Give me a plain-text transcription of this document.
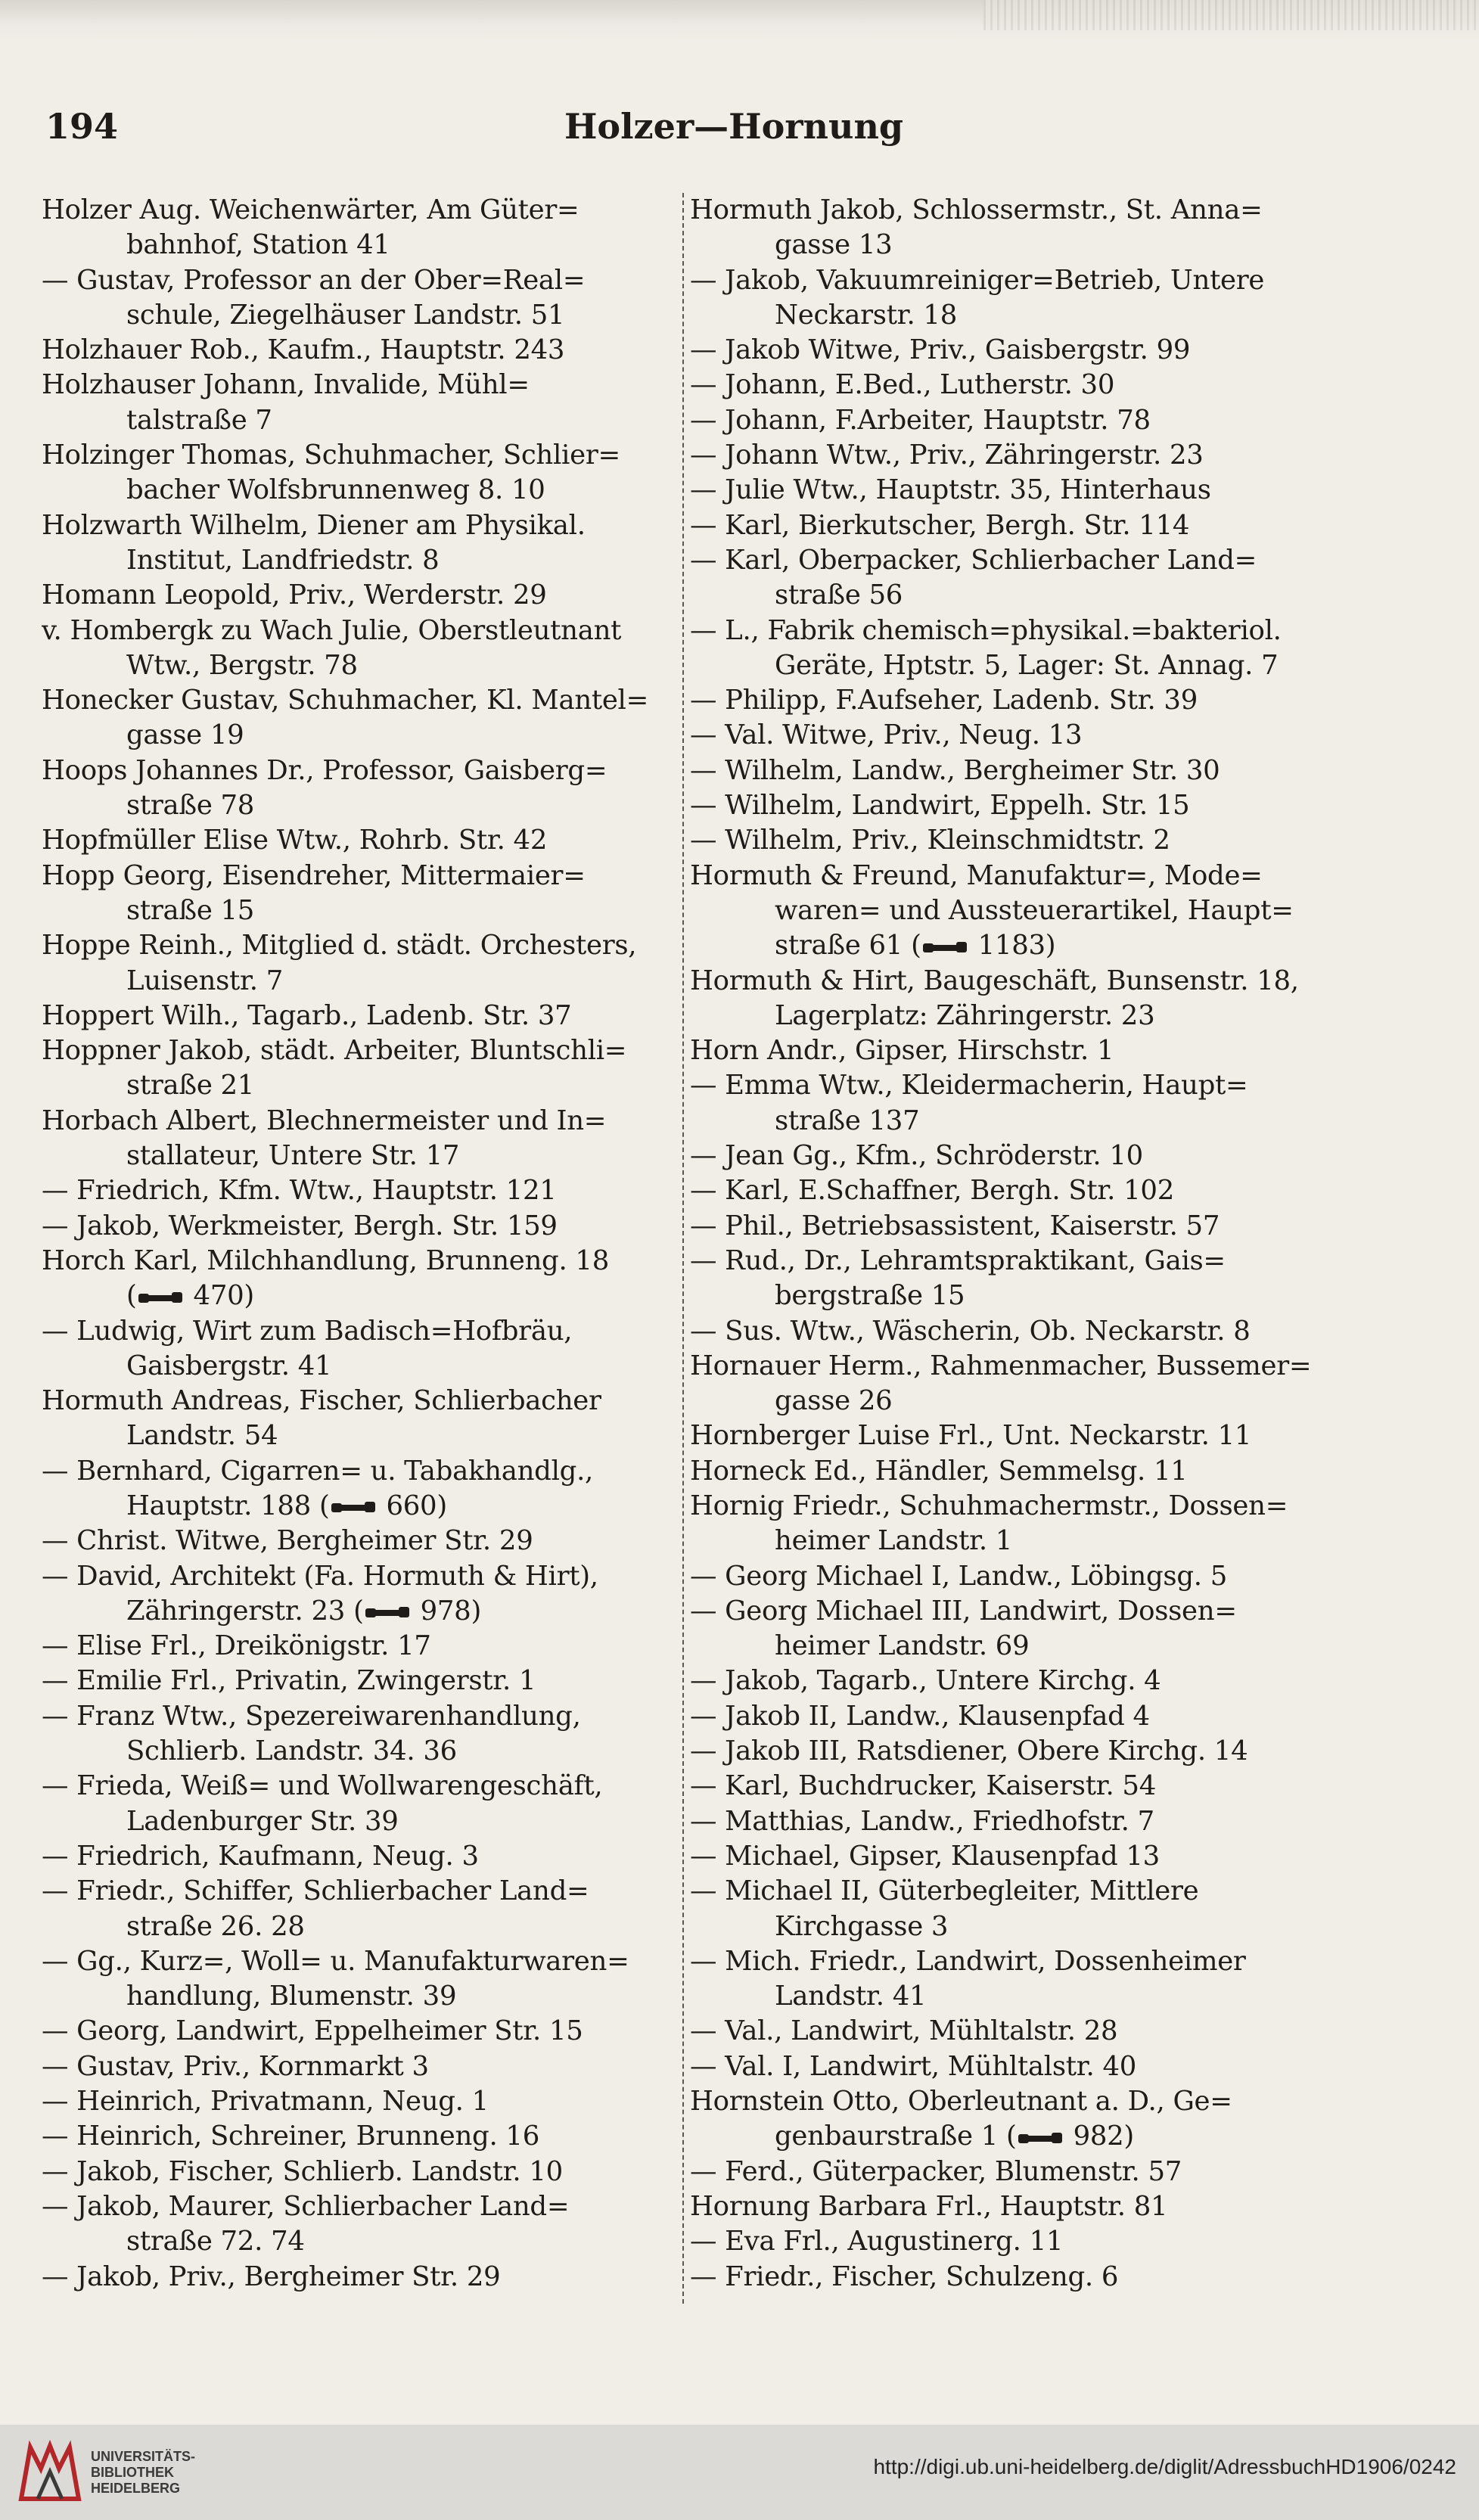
194	Holzer—Hornung
Holzer Aug. Weichenwärter, Am Güter=
bahnhof, Station 41
— Gustav, Professor an der Ober=Real=
schule, Ziegelhäuser Landstr. 51
Holzhauer Rob., Kaufm., Hauptstr. 243
Holzhauser Johann, Invalide, Mühl=
talstraße 7
Holzinger Thomas, Schuhmacher, Schlier=
bacher Wolfsbrunnenweg 8. 10
Holzwarth Wilhelm, Diener am Physikal.
Institut, Landfriedstr. 8
Homann Leopold, Priv., Werderstr. 29
v. Hombergk zu Wach Julie, Oberstleutnant
Wtw., Bergstr. 78
Honecker Gustav, Schuhmacher, Kl. Mantel=
gasse 19
Hoops Johannes Dr., Professor, Gaisberg=
straße 78
Hopfmüller Elise Wtw., Rohrb. Str. 42
Hopp Georg, Eisendreher, Mittermaier=
straße 15
Hoppe Reinh., Mitglied d. städt. Orchesters,
Luisenstr. 7
Hoppert Wilh., Tagarb., Ladenb. Str. 37
Hoppner Jakob, städt. Arbeiter, Bluntschli=
straße 21
Horbach Albert, Blechnermeister und In=
stallateur, Untere Str. 17
— Friedrich, Kfm. Wtw., Hauptstr. 121
— Jakob, Werkmeister, Bergh. Str. 159
Horch Karl, Milchhandlung, Brunneng. 18
( 470)
— Ludwig, Wirt zum Badisch=Hofbräu,
Gaisbergstr. 41
Hormuth Andreas, Fischer, Schlierbacher
Landstr. 54
— Bernhard, Cigarren= u. Tabakhandlg.,
Hauptstr. 188 ( 660)
— Christ. Witwe, Bergheimer Str. 29
— David, Architekt (Fa. Hormuth & Hirt),
Zähringerstr. 23 ( 978)
— Elise Frl., Dreikönigstr. 17
— Emilie Frl., Privatin, Zwingerstr. 1
— Franz Wtw., Spezereiwarenhandlung,
Schlierb. Landstr. 34. 36
— Frieda, Weiß= und Wollwarengeschäft,
Ladenburger Str. 39
— Friedrich, Kaufmann, Neug. 3
— Friedr., Schiffer, Schlierbacher Land=
straße 26. 28
— Gg., Kurz=, Woll= u. Manufakturwaren=
handlung, Blumenstr. 39
— Georg, Landwirt, Eppelheimer Str. 15
— Gustav, Priv., Kornmarkt 3
— Heinrich, Privatmann, Neug. 1
— Heinrich, Schreiner, Brunneng. 16
— Jakob, Fischer, Schlierb. Landstr. 10
— Jakob, Maurer, Schlierbacher Land=
straße 72. 74
— Jakob, Priv., Bergheimer Str. 29
Hormuth Jakob, Schlossermstr., St. Anna=
gasse 13
— Jakob, Vakuumreiniger=Betrieb, Untere
Neckarstr. 18
— Jakob Witwe, Priv., Gaisbergstr. 99
— Johann, E.Bed., Lutherstr. 30
— Johann, F.Arbeiter, Hauptstr. 78
— Johann Wtw., Priv., Zähringerstr. 23
— Julie Wtw., Hauptstr. 35, Hinterhaus
— Karl, Bierkutscher, Bergh. Str. 114
— Karl, Oberpacker, Schlierbacher Land=
straße 56
— L., Fabrik chemisch=physikal.=bakteriol.
Geräte, Hptstr. 5, Lager: St. Annag. 7
— Philipp, F.Aufseher, Ladenb. Str. 39
— Val. Witwe, Priv., Neug. 13
— Wilhelm, Landw., Bergheimer Str. 30
— Wilhelm, Landwirt, Eppelh. Str. 15
— Wilhelm, Priv., Kleinschmidtstr. 2
Hormuth & Freund, Manufaktur=, Mode=
waren= und Aussteuerartikel, Haupt=
straße 61 ( 1183)
Hormuth & Hirt, Baugeschäft, Bunsenstr. 18,
Lagerplatz: Zähringerstr. 23
Horn Andr., Gipser, Hirschstr. 1
— Emma Wtw., Kleidermacherin, Haupt=
straße 137
— Jean Gg., Kfm., Schröderstr. 10
— Karl, E.Schaffner, Bergh. Str. 102
— Phil., Betriebsassistent, Kaiserstr. 57
— Rud., Dr., Lehramtspraktikant, Gais=
bergstraße 15
— Sus. Wtw., Wäscherin, Ob. Neckarstr. 8
Hornauer Herm., Rahmenmacher, Bussemer=
gasse 26
Hornberger Luise Frl., Unt. Neckarstr. 11
Horneck Ed., Händler, Semmelsg. 11
Hornig Friedr., Schuhmachermstr., Dossen=
heimer Landstr. 1
— Georg Michael I, Landw., Löbingsg. 5
— Georg Michael III, Landwirt, Dossen=
heimer Landstr. 69
— Jakob, Tagarb., Untere Kirchg. 4
— Jakob II, Landw., Klausenpfad 4
— Jakob III, Ratsdiener, Obere Kirchg. 14
— Karl, Buchdrucker, Kaiserstr. 54
— Matthias, Landw., Friedhofstr. 7
— Michael, Gipser, Klausenpfad 13
— Michael II, Güterbegleiter, Mittlere
Kirchgasse 3
— Mich. Friedr., Landwirt, Dossenheimer
Landstr. 41
— Val., Landwirt, Mühltalstr. 28
— Val. I, Landwirt, Mühltalstr. 40
Hornstein Otto, Oberleutnant a. D., Ge=
genbaurstraße 1 ( 982)
— Ferd., Güterpacker, Blumenstr. 57
Hornung Barbara Frl., Hauptstr. 81
— Eva Frl., Augustinerg. 11
— Friedr., Fischer, Schulzeng. 6
UNIVERSITÄTS-
BIBLIOTHEK
HEIDELBERG
http://digi.ub.uni-heidelberg.de/diglit/AdressbuchHD1906/0242
